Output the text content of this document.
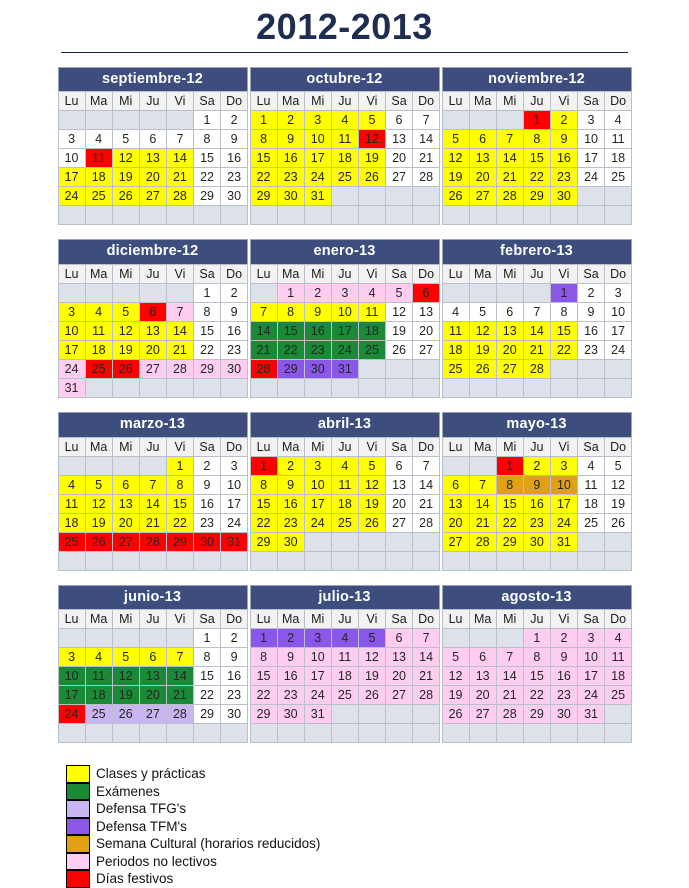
2012-2013
septiembre-12
Lu	Ma	Mi	Ju	Vi	Sa	Do
					1	2
3	4	5	6	7	8	9
10	11	12	13	14	15	16
17	18	19	20	21	22	23
24	25	26	27	28	29	30

octubre-12
Lu	Ma	Mi	Ju	Vi	Sa	Do
1	2	3	4	5	6	7
8	9	10	11	12	13	14
15	16	17	18	19	20	21
22	23	24	25	26	27	28
29	30	31				

noviembre-12
Lu	Ma	Mi	Ju	Vi	Sa	Do
			1	2	3	4
5	6	7	8	9	10	11
12	13	14	15	16	17	18
19	20	21	22	23	24	25
26	27	28	29	30		

diciembre-12
Lu	Ma	Mi	Ju	Vi	Sa	Do
					1	2
3	4	5	6	7	8	9
10	11	12	13	14	15	16
17	18	19	20	21	22	23
24	25	26	27	28	29	30
31						
enero-13
Lu	Ma	Mi	Ju	Vi	Sa	Do
	1	2	3	4	5	6
7	8	9	10	11	12	13
14	15	16	17	18	19	20
21	22	23	24	25	26	27
28	29	30	31			

febrero-13
Lu	Ma	Mi	Ju	Vi	Sa	Do
				1	2	3
4	5	6	7	8	9	10
11	12	13	14	15	16	17
18	19	20	21	22	23	24
25	26	27	28			

marzo-13
Lu	Ma	Mi	Ju	Vi	Sa	Do
				1	2	3
4	5	6	7	8	9	10
11	12	13	14	15	16	17
18	19	20	21	22	23	24
25	26	27	28	29	30	31

abril-13
Lu	Ma	Mi	Ju	Vi	Sa	Do
1	2	3	4	5	6	7
8	9	10	11	12	13	14
15	16	17	18	19	20	21
22	23	24	25	26	27	28
29	30					

mayo-13
Lu	Ma	Mi	Ju	Vi	Sa	Do
		1	2	3	4	5
6	7	8	9	10	11	12
13	14	15	16	17	18	19
20	21	22	23	24	25	26
27	28	29	30	31		

junio-13
Lu	Ma	Mi	Ju	Vi	Sa	Do
					1	2
3	4	5	6	7	8	9
10	11	12	13	14	15	16
17	18	19	20	21	22	23
24	25	26	27	28	29	30

julio-13
Lu	Ma	Mi	Ju	Vi	Sa	Do
1	2	3	4	5	6	7
8	9	10	11	12	13	14
15	16	17	18	19	20	21
22	23	24	25	26	27	28
29	30	31				

agosto-13
Lu	Ma	Mi	Ju	Vi	Sa	Do
			1	2	3	4
5	6	7	8	9	10	11
12	13	14	15	16	17	18
19	20	21	22	23	24	25
26	27	28	29	30	31	

Clases y prácticas
Exámenes
Defensa TFG's
Defensa TFM's
Semana Cultural (horarios reducidos)
Periodos no lectivos
Días festivos
